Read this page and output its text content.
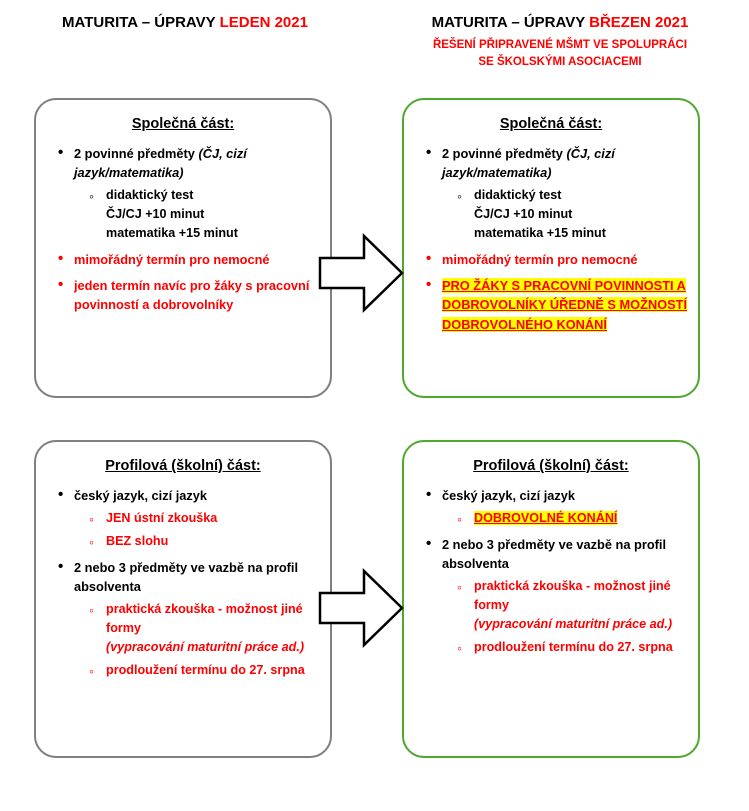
MATURITA – ÚPRAVY LEDEN 2021	MATURITA – ÚPRAVY BŘEZEN 2021
ŘEŠENÍ PŘIPRAVENÉ MŠMT VE SPOLUPRÁCI
SE ŠKOLSKÝMI ASOCIACEMI
Společná část:
• 2 povinné předměty (ČJ, cizí jazyk/matematika)
◦ didaktický test
ČJ/CJ +10 minut
matematika +15 minut
• mimořádný termín pro nemocné
• jeden termín navíc pro žáky s pracovní povinností a dobrovolníky
Společná část:
• 2 povinné předměty (ČJ, cizí jazyk/matematika)
◦ didaktický test
ČJ/CJ +10 minut
matematika +15 minut
• mimořádný termín pro nemocné
• PRO ŽÁKY S PRACOVNÍ POVINNOSTI A DOBROVOLNÍKY ÚŘEDNĚ S MOŽNOSTÍ DOBROVOLNÉHO KONÁNÍ
Profilová (školní) část:
• český jazyk, cizí jazyk
◦ JEN ústní zkouška
◦ BEZ slohu
• 2 nebo 3 předměty ve vazbě na profil absolventa
◦ praktická zkouška - možnost jiné formy
(vypracování maturitní práce ad.)
◦ prodloužení termínu do 27. srpna
Profilová (školní) část:
• český jazyk, cizí jazyk
◦ DOBROVOLNÉ KONÁNÍ
• 2 nebo 3 předměty ve vazbě na profil absolventa
◦ praktická zkouška - možnost jiné formy
(vypracování maturitní práce ad.)
◦ prodloužení termínu do 27. srpna
